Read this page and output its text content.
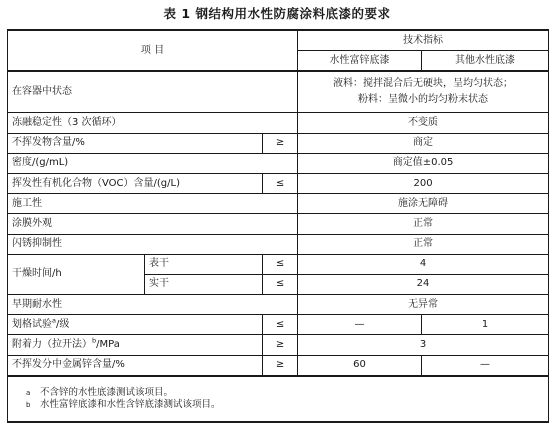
表 1 钢结构用水性防腐涂料底漆的要求
项 目			技术指标	
			水性富锌底漆	其他水性底漆
在容器中状态			液料：搅拌混合后无硬块，呈均匀状态；
粉料：呈微小的均匀粉末状态	

冻融稳定性（3 次循环）			不变质	
不挥发物含量/%		≥	商定	
密度/(g/mL)			商定值±0.05	
挥发性有机化合物（VOC）含量/(g/L)		≤	200	
施工性			施涂无障碍	
涂膜外观			正常	
闪锈抑制性			正常	
干燥时间/h	表干	≤	4	
	实干	≤	24	
早期耐水性			无异常	
划格试验$^a$/级		≤	—	1
附着力（拉开法）$^b$/MPa		≥	3	
不挥发分中金属锌含量/%		≥	60	—

a 不含锌的水性底漆测试该项目。
b 水性富锌底漆和水性含锌底漆测试该项目。				
